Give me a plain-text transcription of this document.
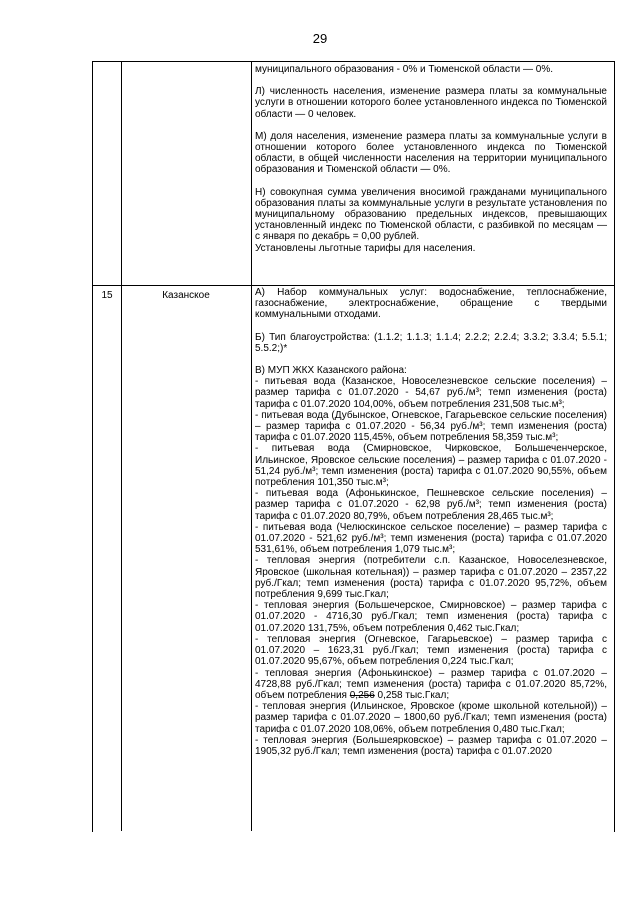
29

муниципального образования - 0% и Тюменской области — 0%.

Л) численность населения, изменение размера платы за коммунальные услуги в отношении которого более установленного индекса по Тюменской области — 0 человек.

М) доля населения, изменение размера платы за коммунальные услуги в отношении которого более установленного индекса по Тюменской области, в общей численности населения на территории муниципального образования и Тюменской области — 0%.

Н) совокупная сумма увеличения вносимой гражданами муниципального образования платы за коммунальные услуги в результате установления по муниципальному образованию предельных индексов, превышающих установленный индекс по Тюменской области, с разбивкой по месяцам — с января по декабрь = 0,00 рублей.

Установлены льготные тарифы для населения.

15	Казанское	А) Набор коммунальных услуг: водоснабжение, теплоснабжение, газоснабжение, электроснабжение, обращение с твердыми коммунальными отходами.

Б) Тип благоустройства: (1.1.2; 1.1.3; 1.1.4; 2.2.2; 2.2.4; 3.3.2; 3.3.4; 5.5.1; 5.5.2;)*

В) МУП ЖКХ Казанского района:

- питьевая вода (Казанское, Новоселезневское сельские поселения) – размер тарифа с 01.07.2020 - 54,67 руб./м³; темп изменения (роста) тарифа с 01.07.2020 104,00%, объем потребления 231,508 тыс.м³;

- питьевая вода (Дубынское, Огневское, Гагарьевское сельские поселения) – размер тарифа с 01.07.2020 - 56,34 руб./м³; темп изменения (роста) тарифа с 01.07.2020 115,45%, объем потребления 58,359 тыс.м³;

- питьевая вода (Смирновское, Чирковское, Большеченчерское, Ильинское, Яровское сельские поселения) – размер тарифа с 01.07.2020 - 51,24 руб./м³; темп изменения (роста) тарифа с 01.07.2020 90,55%, объем потребления 101,350 тыс.м³;

- питьевая вода (Афонькинское, Пешневское сельские поселения) – размер тарифа с 01.07.2020 - 62,98 руб./м³; темп изменения (роста) тарифа с 01.07.2020 80,79%, объем потребления 28,465 тыс.м³;

- питьевая вода (Челюскинское сельское поселение) – размер тарифа с 01.07.2020 - 521,62 руб./м³; темп изменения (роста) тарифа с 01.07.2020 531,61%, объем потребления 1,079 тыс.м³;

- тепловая энергия (потребители с.п. Казанское, Новоселезневское, Яровское (школьная котельная)) – размер тарифа с 01.07.2020 – 2357,22 руб./Гкал; темп изменения (роста) тарифа с 01.07.2020 95,72%, объем потребления 9,699 тыс.Гкал;

- тепловая энергия (Большечерское, Смирновское) – размер тарифа с 01.07.2020 - 4716,30 руб./Гкал; темп изменения (роста) тарифа с 01.07.2020 131,75%, объем потребления 0,462 тыс.Гкал;

- тепловая энергия (Огневское, Гагарьевское) – размер тарифа с 01.07.2020 – 1623,31 руб./Гкал; темп изменения (роста) тарифа с 01.07.2020 95,67%, объем потребления 0,224 тыс.Гкал;

- тепловая энергия (Афонькинское) – размер тарифа с 01.07.2020 – 4728,88 руб./Гкал; темп изменения (роста) тарифа с 01.07.2020 85,72%, объем потребления 0,256 0,258 тыс.Гкал;

- тепловая энергия (Ильинское, Яровское (кроме школьной котельной)) – размер тарифа с 01.07.2020 – 1800,60 руб./Гкал; темп изменения (роста) тарифа с 01.07.2020 108,06%, объем потребления 0,480 тыс.Гкал;

- тепловая энергия (Большеярковское) – размер тарифа с 01.07.2020 – 1905,32 руб./Гкал; темп изменения (роста) тарифа с 01.07.2020
